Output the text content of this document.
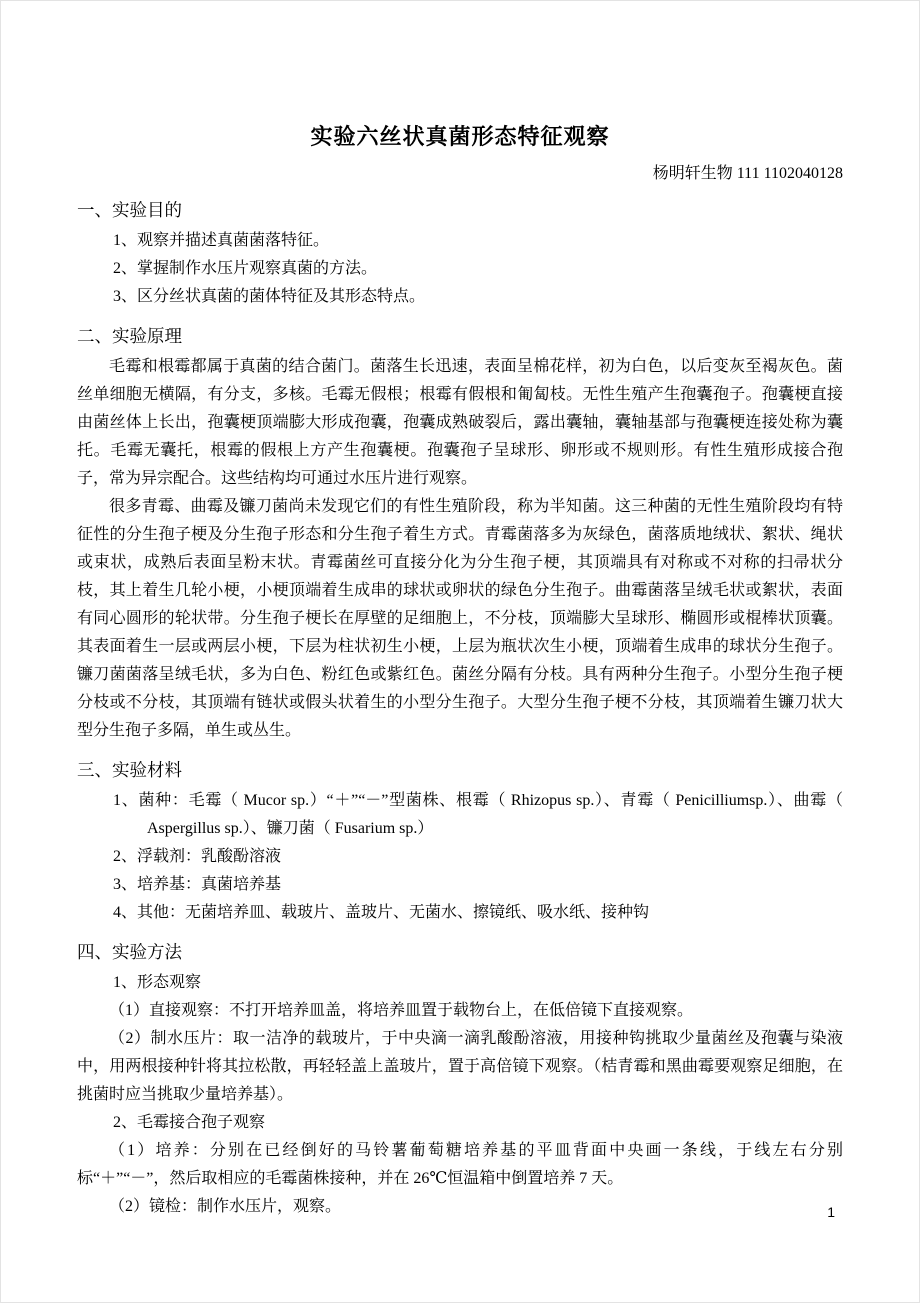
实验六丝状真菌形态特征观察
杨明轩生物 111 1102040128
一、实验目的
1、观察并描述真菌菌落特征。
2、掌握制作水压片观察真菌的方法。
3、区分丝状真菌的菌体特征及其形态特点。
二、实验原理

毛霉和根霉都属于真菌的结合菌门。菌落生长迅速，表面呈棉花样，初为白色，以后变灰至褐灰色。菌丝单细胞无横隔，有分支，多核。毛霉无假根；根霉有假根和匍匐枝。无性生殖产生孢囊孢子。孢囊梗直接由菌丝体上长出，孢囊梗顶端膨大形成孢囊，孢囊成熟破裂后，露出囊轴，囊轴基部与孢囊梗连接处称为囊托。毛霉无囊托，根霉的假根上方产生孢囊梗。孢囊孢子呈球形、卵形或不规则形。有性生殖形成接合孢子，常为异宗配合。这些结构均可通过水压片进行观察。

很多青霉、曲霉及镰刀菌尚未发现它们的有性生殖阶段，称为半知菌。这三种菌的无性生殖阶段均有特征性的分生孢子梗及分生孢子形态和分生孢子着生方式。青霉菌落多为灰绿色，菌落质地绒状、絮状、绳状或束状，成熟后表面呈粉末状。青霉菌丝可直接分化为分生孢子梗，其顶端具有对称或不对称的扫帚状分枝，其上着生几轮小梗，小梗顶端着生成串的球状或卵状的绿色分生孢子。曲霉菌落呈绒毛状或絮状，表面有同心圆形的轮状带。分生孢子梗长在厚壁的足细胞上，不分枝，顶端膨大呈球形、椭圆形或棍棒状顶囊。其表面着生一层或两层小梗，下层为柱状初生小梗，上层为瓶状次生小梗，顶端着生成串的球状分生孢子。镰刀菌菌落呈绒毛状，多为白色、粉红色或紫红色。菌丝分隔有分枝。具有两种分生孢子。小型分生孢子梗分枝或不分枝，其顶端有链状或假头状着生的小型分生孢子。大型分生孢子梗不分枝，其顶端着生镰刀状大型分生孢子多隔，单生或丛生。

三、实验材料
1、菌种：毛霉（ Mucor sp.）“＋”“－”型菌株、根霉（ Rhizopus sp.）、青霉（ Penicilliumsp.）、曲霉（ Aspergillus sp.）、镰刀菌（ Fusarium sp.）
2、浮载剂：乳酸酚溶液
3、培养基：真菌培养基
4、其他：无菌培养皿、载玻片、盖玻片、无菌水、擦镜纸、吸水纸、接种钩
四、实验方法
1、形态观察

（1）直接观察：不打开培养皿盖，将培养皿置于载物台上，在低倍镜下直接观察。

（2）制水压片：取一洁净的载玻片，于中央滴一滴乳酸酚溶液，用接种钩挑取少量菌丝及孢囊与染液中，用两根接种针将其拉松散，再轻轻盖上盖玻片，置于高倍镜下观察。（桔青霉和黑曲霉要观察足细胞，在挑菌时应当挑取少量培养基）。

2、毛霉接合孢子观察

（1）培养：分别在已经倒好的马铃薯葡萄糖培养基的平皿背面中央画一条线，于线左右分别标“＋”“－”，然后取相应的毛霉菌株接种，并在 26℃恒温箱中倒置培养 7 天。

（2）镜检：制作水压片，观察。	1
